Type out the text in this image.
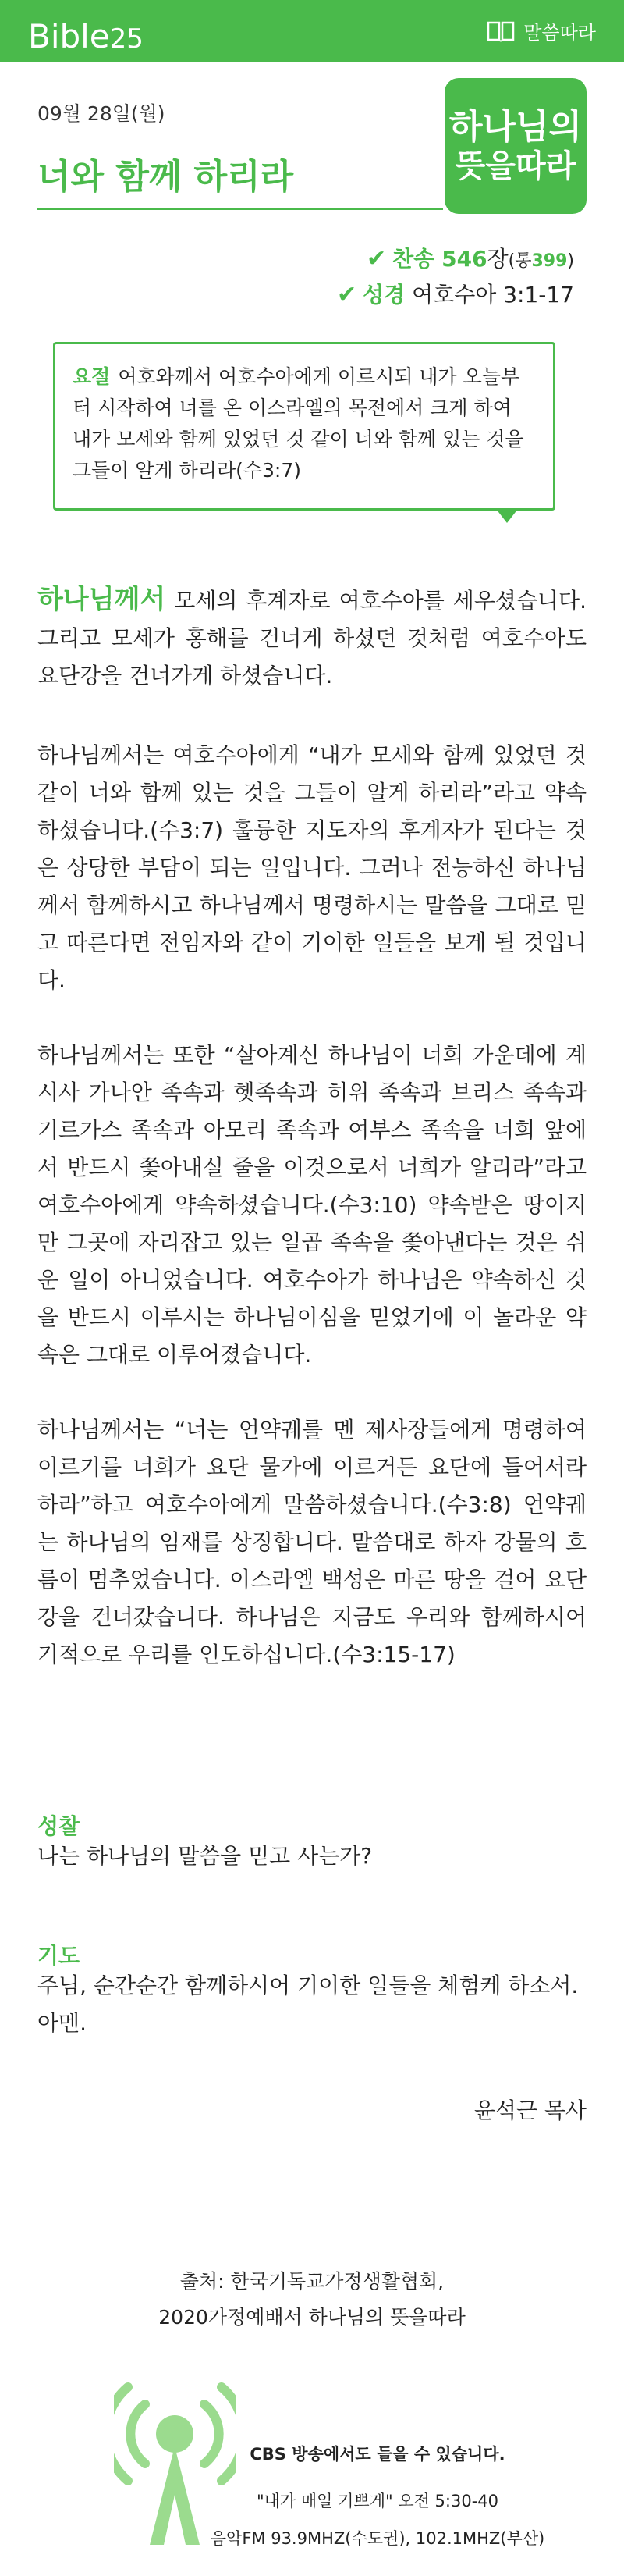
Bible25	말씀따라
09월 28일(월)
너와 함께 하리라
하나님의
뜻을따라
✔ 찬송
546 장 (통 399 )
✔ 성경
여호수아 3:1-17
요절 여호와께서 여호수아에게 이르시되 내가 오늘부터 시작하여 너를 온 이스라엘의 목전에서 크게 하여 내가 모세와 함께 있었던 것 같이 너와 함께 있는 것을 그들이 알게 하리라(수3:7)
하나님께서 모세의 후계자로 여호수아를 세우셨습니다. 그리고 모세가 홍해를 건너게 하셨던 것처럼 여호수아도 요단강을 건너가게 하셨습니다.
하나님께서는 여호수아에게 “내가 모세와 함께 있었던 것같이 너와 함께 있는 것을 그들이 알게 하리라”라고 약속하셨습니다.(수3:7) 훌륭한 지도자의 후계자가 된다는 것은 상당한 부담이 되는 일입니다. 그러나 전능하신 하나님께서 함께하시고 하나님께서 명령하시는 말씀을 그대로 믿고 따른다면 전임자와 같이 기이한 일들을 보게 될 것입니다.
하나님께서는 또한 “살아계신 하나님이 너희 가운데에 계시사 가나안 족속과 헷족속과 히위 족속과 브리스 족속과 기르가스 족속과 아모리 족속과 여부스 족속을 너희 앞에서 반드시 쫓아내실 줄을 이것으로서 너희가 알리라”라고 여호수아에게 약속하셨습니다.(수3:10) 약속받은 땅이지만 그곳에 자리잡고 있는 일곱 족속을 쫓아낸다는 것은 쉬운 일이 아니었습니다. 여호수아가 하나님은 약속하신 것을 반드시 이루시는 하나님이심을 믿었기에 이 놀라운 약속은 그대로 이루어졌습니다.
하나님께서는 “너는 언약궤를 멘 제사장들에게 명령하여 이르기를 너희가 요단 물가에 이르거든 요단에 들어서라 하라”하고 여호수아에게 말씀하셨습니다.(수3:8) 언약궤는 하나님의 임재를 상징합니다. 말씀대로 하자 강물의 흐름이 멈추었습니다. 이스라엘 백성은 마른 땅을 걸어 요단강을 건너갔습니다. 하나님은 지금도 우리와 함께하시어 기적으로 우리를 인도하십니다.(수3:15-17)
성찰
나는 하나님의 말씀을 믿고 사는가?
기도
주님, 순간순간 함께하시어 기이한 일들을 체험케 하소서. 아멘.
윤석근 목사
출처: 한국기독교가정생활협회,
2020가정예배서 하나님의 뜻을따라
CBS 방송에서도 들을 수 있습니다.
"내가 매일 기쁘게" 오전 5:30-40
음악FM 93.9MHZ(수도권), 102.1MHZ(부산)
